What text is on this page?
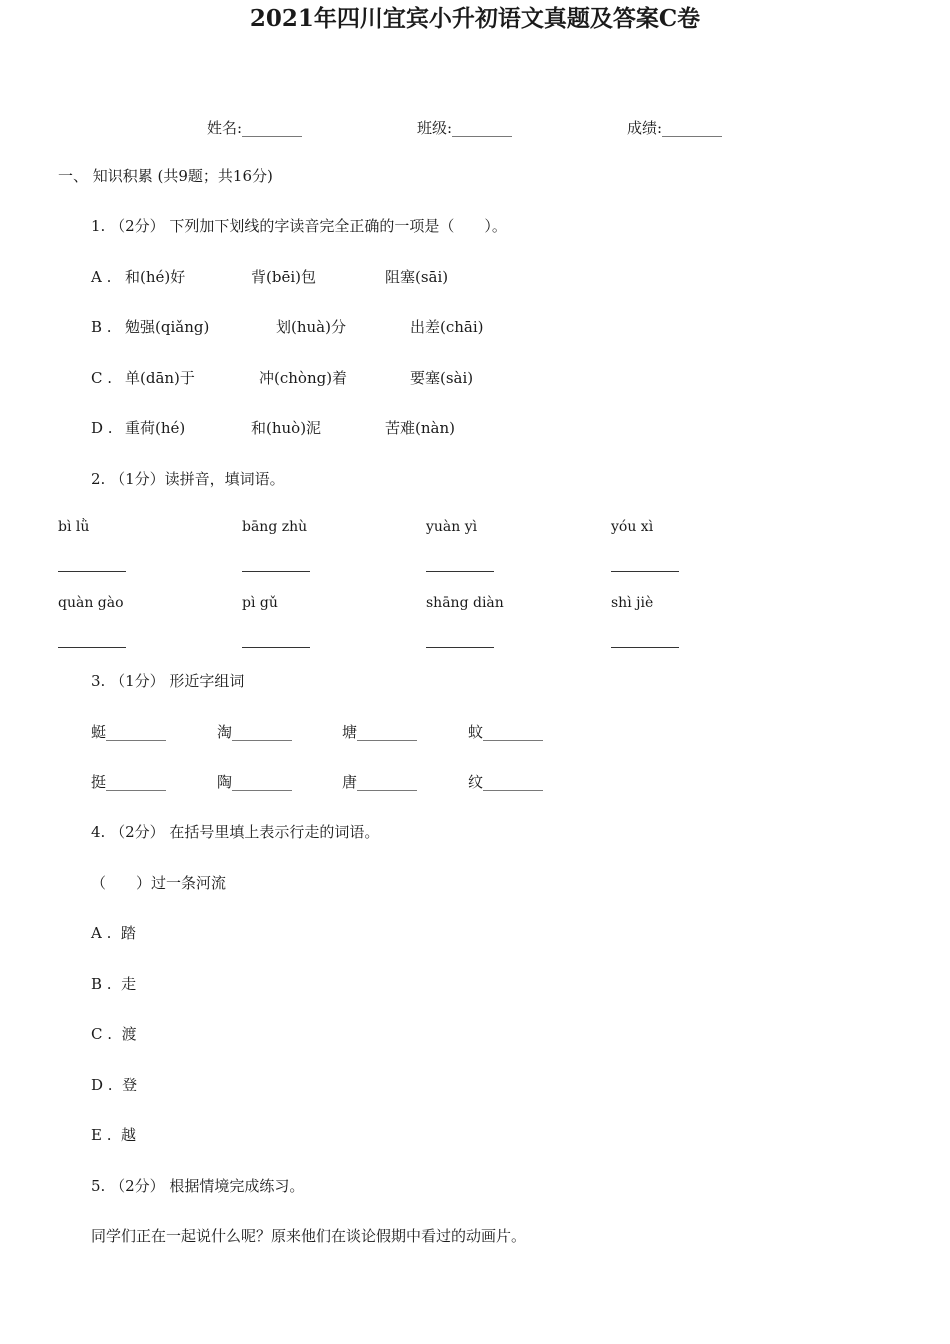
2021年四川宜宾小升初语文真题及答案C卷
姓名:________	班级:________	成绩:________
一、 知识积累 (共9题；共16分)
1. （2分） 下列加下划线的字读音完全正确的一项是（　　）。
A . 和(hé)好	背(bēi)包	阻塞(sāi)
B . 勉强(qiǎng)	划(huà)分	出差(chāi)
C . 单(dān)于	冲(chòng)着	要塞(sài)
D . 重荷(hé)	和(huò)泥	苦难(nàn)
2. （1分）读拼音，填词语。
bì lǜ	bāng zhù	yuàn yì	yóu xì
quàn gào	pì gǔ	shāng diàn	shì jiè
3. （1分） 形近字组词
蜓________	淘________	塘________	蚊________
挺________	陶________	唐________	纹________
4. （2分） 在括号里填上表示行走的词语。
（　　）过一条河流
A . 踏
B . 走
C . 渡
D . 登
E . 越
5. （2分） 根据情境完成练习。
同学们正在一起说什么呢？原来他们在谈论假期中看过的动画片。
